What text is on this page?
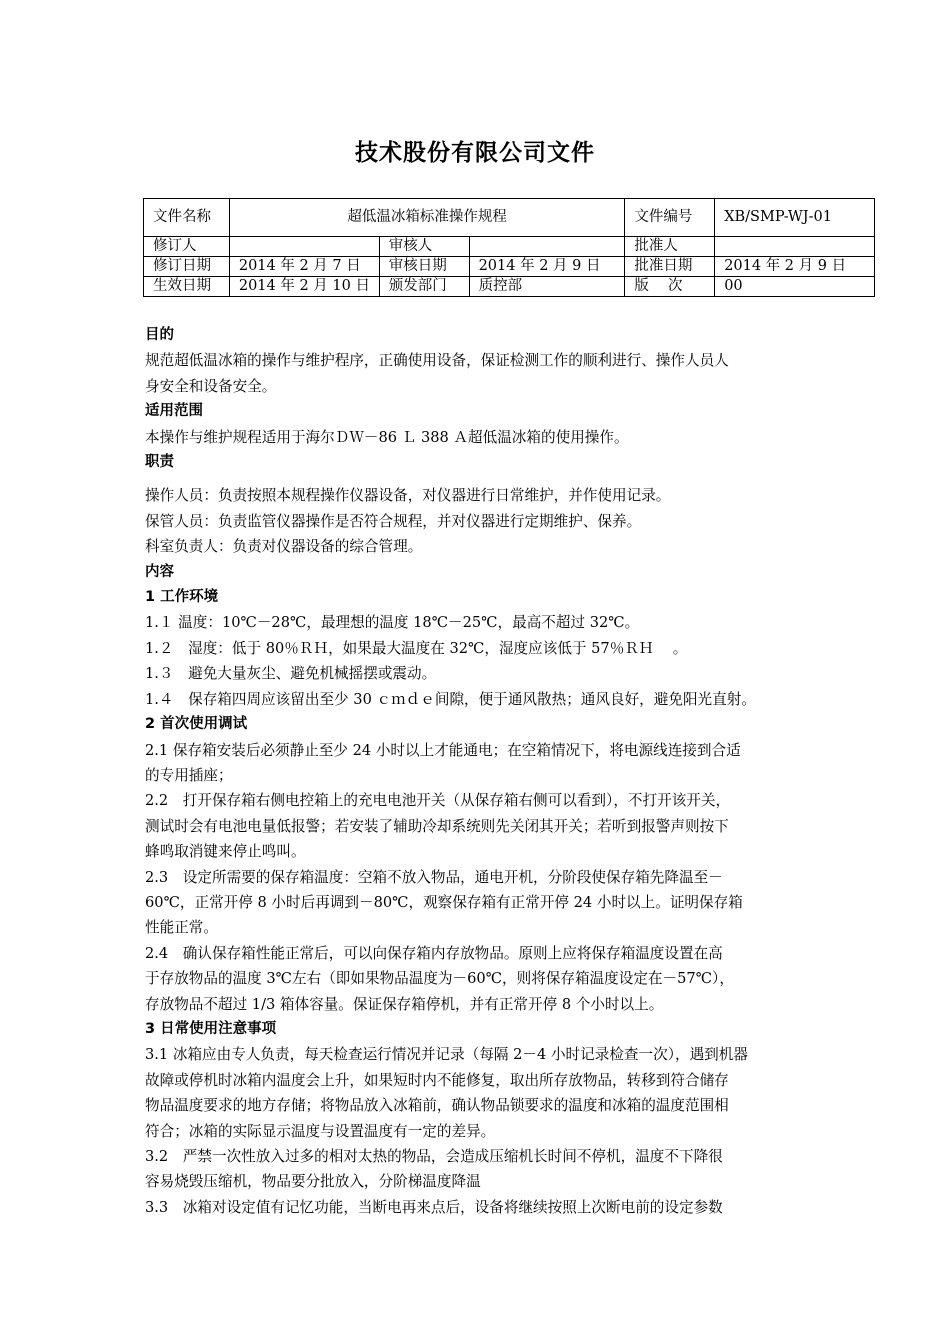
技术股份有限公司文件
文件名称	超低温冰箱标准操作规程			文件编号	XB/SMP-WJ-01
修订人		审核人		批准人	
修订日期	2014 年 2 月 7 日	审核日期	2014 年 2 月 9 日	批准日期	2014 年 2 月 9 日
生效日期	2014 年 2 月 10 日	颁发部门	质控部	版　 次	00

目的

规范超低温冰箱的操作与维护程序，正确使用设备，保证检测工作的顺利进行、操作人员人

身安全和设备安全。

适用范围

本操作与维护规程适用于海尔ＤＷ－86 Ｌ 388 Ａ超低温冰箱的使用操作。

职责

操作人员：负责按照本规程操作仪器设备，对仪器进行日常维护，并作使用记录。

保管人员：负责监管仪器操作是否符合规程，并对仪器进行定期维护、保养。

科室负责人：负责对仪器设备的综合管理。

内容

1 工作环境

1.１ 温度：10℃－28℃，最理想的温度 18℃－25℃，最高不超过 32℃。

1.２　湿度：低于 80％ＲＨ，如果最大温度在 32℃，湿度应该低于 57％ＲＨ　 。

1.３　避免大量灰尘、避免机械摇摆或震动。

1.４　保存箱四周应该留出至少 30 ｃｍｄｅ间隙，便于通风散热；通风良好，避免阳光直射。

2 首次使用调试

2.1 保存箱安装后必须静止至少 24 小时以上才能通电；在空箱情况下，将电源线连接到合适

的专用插座；

2.2　打开保存箱右侧电控箱上的充电电池开关（从保存箱右侧可以看到），不打开该开关，

测试时会有电池电量低报警；若安装了辅助冷却系统则先关闭其开关；若听到报警声则按下

蜂鸣取消键来停止鸣叫。

2.3　设定所需要的保存箱温度：空箱不放入物品，通电开机，分阶段使保存箱先降温至－

60℃，正常开停 8 小时后再调到－80℃，观察保存箱有正常开停 24 小时以上。证明保存箱

性能正常。

2.4　确认保存箱性能正常后，可以向保存箱内存放物品。原则上应将保存箱温度设置在高

于存放物品的温度 3℃左右（即如果物品温度为－60℃，则将保存箱温度设定在－57℃），

存放物品不超过 1/3 箱体容量。保证保存箱停机，并有正常开停 8 个小时以上。

3 日常使用注意事项

3.1 冰箱应由专人负责，每天检查运行情况并记录（每隔 2－4 小时记录检查一次），遇到机器

故障或停机时冰箱内温度会上升，如果短时内不能修复，取出所存放物品，转移到符合储存

物品温度要求的地方存储；将物品放入冰箱前，确认物品锁要求的温度和冰箱的温度范围相

符合；冰箱的实际显示温度与设置温度有一定的差异。

3.2　严禁一次性放入过多的相对太热的物品，会造成压缩机长时间不停机，温度不下降很

容易烧毁压缩机，物品要分批放入，分阶梯温度降温

3.3　冰箱对设定值有记忆功能，当断电再来点后，设备将继续按照上次断电前的设定参数
